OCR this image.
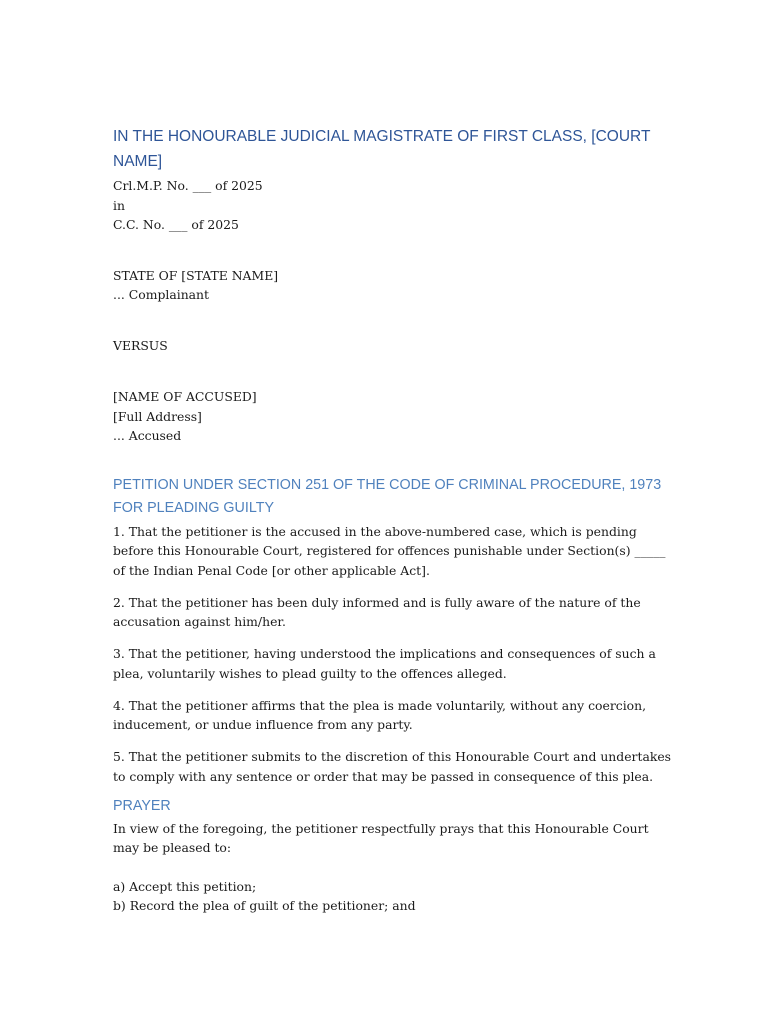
IN THE HONOURABLE JUDICIAL MAGISTRATE OF FIRST CLASS, [COURT NAME]
Crl.M.P. No. ___ of 2025
in
C.C. No. ___ of 2025
STATE OF [STATE NAME]
... Complainant
VERSUS
[NAME OF ACCUSED]
[Full Address]
... Accused
PETITION UNDER SECTION 251 OF THE CODE OF CRIMINAL PROCEDURE, 1973 FOR PLEADING GUILTY

1. That the petitioner is the accused in the above-numbered case, which is pending before this Honourable Court, registered for offences punishable under Section(s) _____ of the Indian Penal Code [or other applicable Act].

2. That the petitioner has been duly informed and is fully aware of the nature of the accusation against him/her.

3. That the petitioner, having understood the implications and consequences of such a plea, voluntarily wishes to plead guilty to the offences alleged.

4. That the petitioner affirms that the plea is made voluntarily, without any coercion, inducement, or undue influence from any party.

5. That the petitioner submits to the discretion of this Honourable Court and undertakes to comply with any sentence or order that may be passed in consequence of this plea.

PRAYER

In view of the foregoing, the petitioner respectfully prays that this Honourable Court may be pleased to:

a) Accept this petition;
b) Record the plea of guilt of the petitioner; and
